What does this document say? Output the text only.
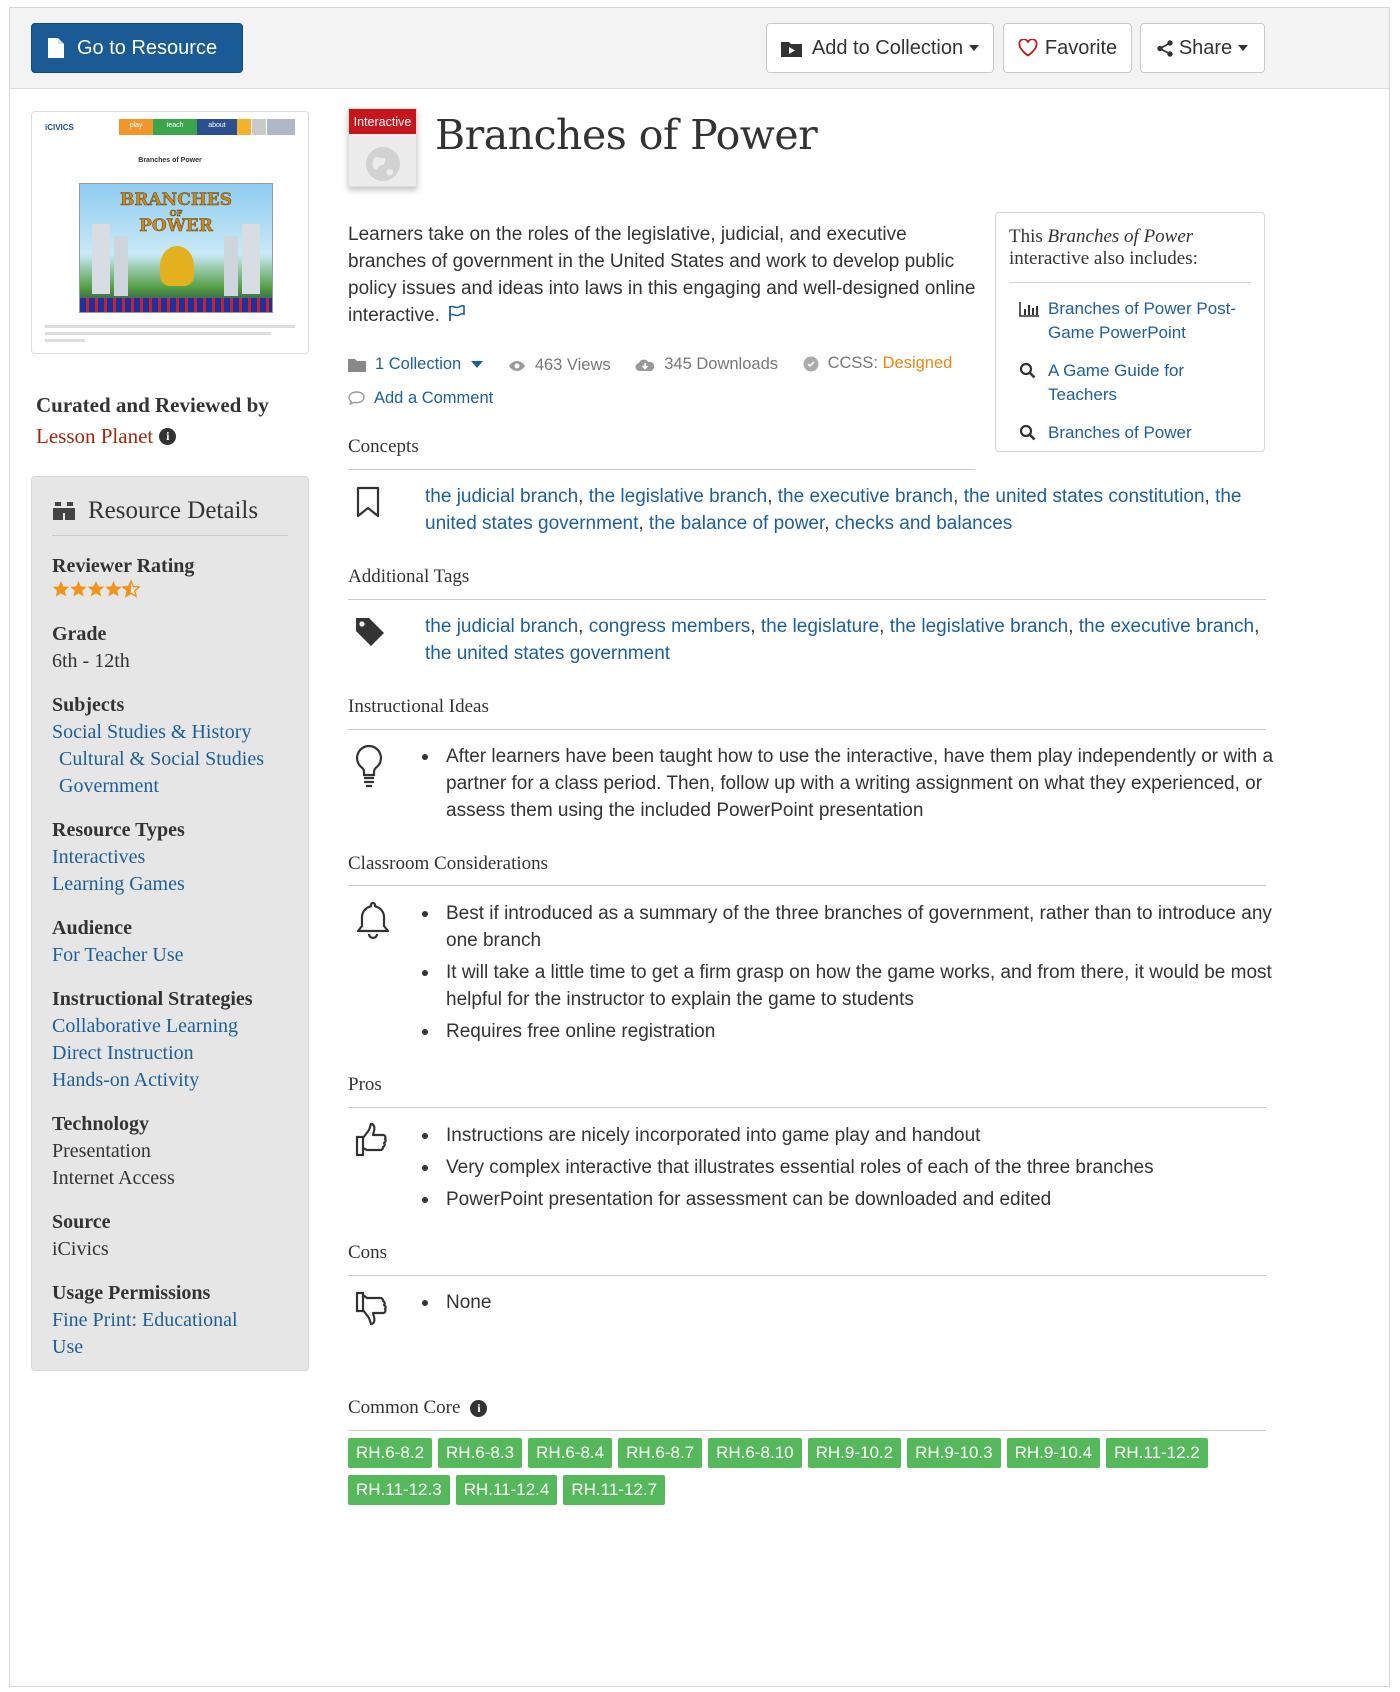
Go to Resource	Add to Collection	Favorite	Share
iCIVICS	play	teach	about
Branches of Power
BRANCHES
OF
POWER
Curated and Reviewed by
Lesson Planet	i
Resource Details
Reviewer Rating
Grade
6th - 12th
Subjects
Social Studies & History
Cultural & Social Studies
Government
Resource Types
Interactives
Learning Games
Audience
For Teacher Use
Instructional Strategies
Collaborative Learning
Direct Instruction
Hands-on Activity
Technology
Presentation
Internet Access
Source
iCivics
Usage Permissions
Fine Print: Educational
Use
Interactive Branches of Power
Learners take on the roles of the legislative, judicial, and executive branches of government in the United States and work to develop public policy issues and ideas into laws in this engaging and well-designed online interactive.
1 Collection
	463 Views
	345 Downloads
	CCSS:
Designed

Add a Comment
This Branches of Power interactive also includes:
Branches of Power Post-Game PowerPoint
A Game Guide for Teachers
Branches of Power
Concepts
the judicial branch, the legislative branch, the executive branch, the united states constitution, the united states government, the balance of power, checks and balances
Additional Tags
the judicial branch, congress members, the legislature, the legislative branch, the executive branch, the united states government
Instructional Ideas
After learners have been taught how to use the interactive, have them play independently or with a partner for a class period. Then, follow up with a writing assignment on what they experienced, or assess them using the included PowerPoint presentation
Classroom Considerations
Best if introduced as a summary of the three branches of government, rather than to introduce any one branch
It will take a little time to get a firm grasp on how the game works, and from there, it would be most helpful for the instructor to explain the game to students
Requires free online registration
Pros
Instructions are nicely incorporated into game play and handout
Very complex interactive that illustrates essential roles of each of the three branches
PowerPoint presentation for assessment can be downloaded and edited
Cons
None
Common Core	i
RH.6-8.2 RH.6-8.3 RH.6-8.4 RH.6-8.7 RH.6-8.10 RH.9-10.2 RH.9-10.3 RH.9-10.4 RH.11-12.2RH.11-12.3 RH.11-12.4 RH.11-12.7
